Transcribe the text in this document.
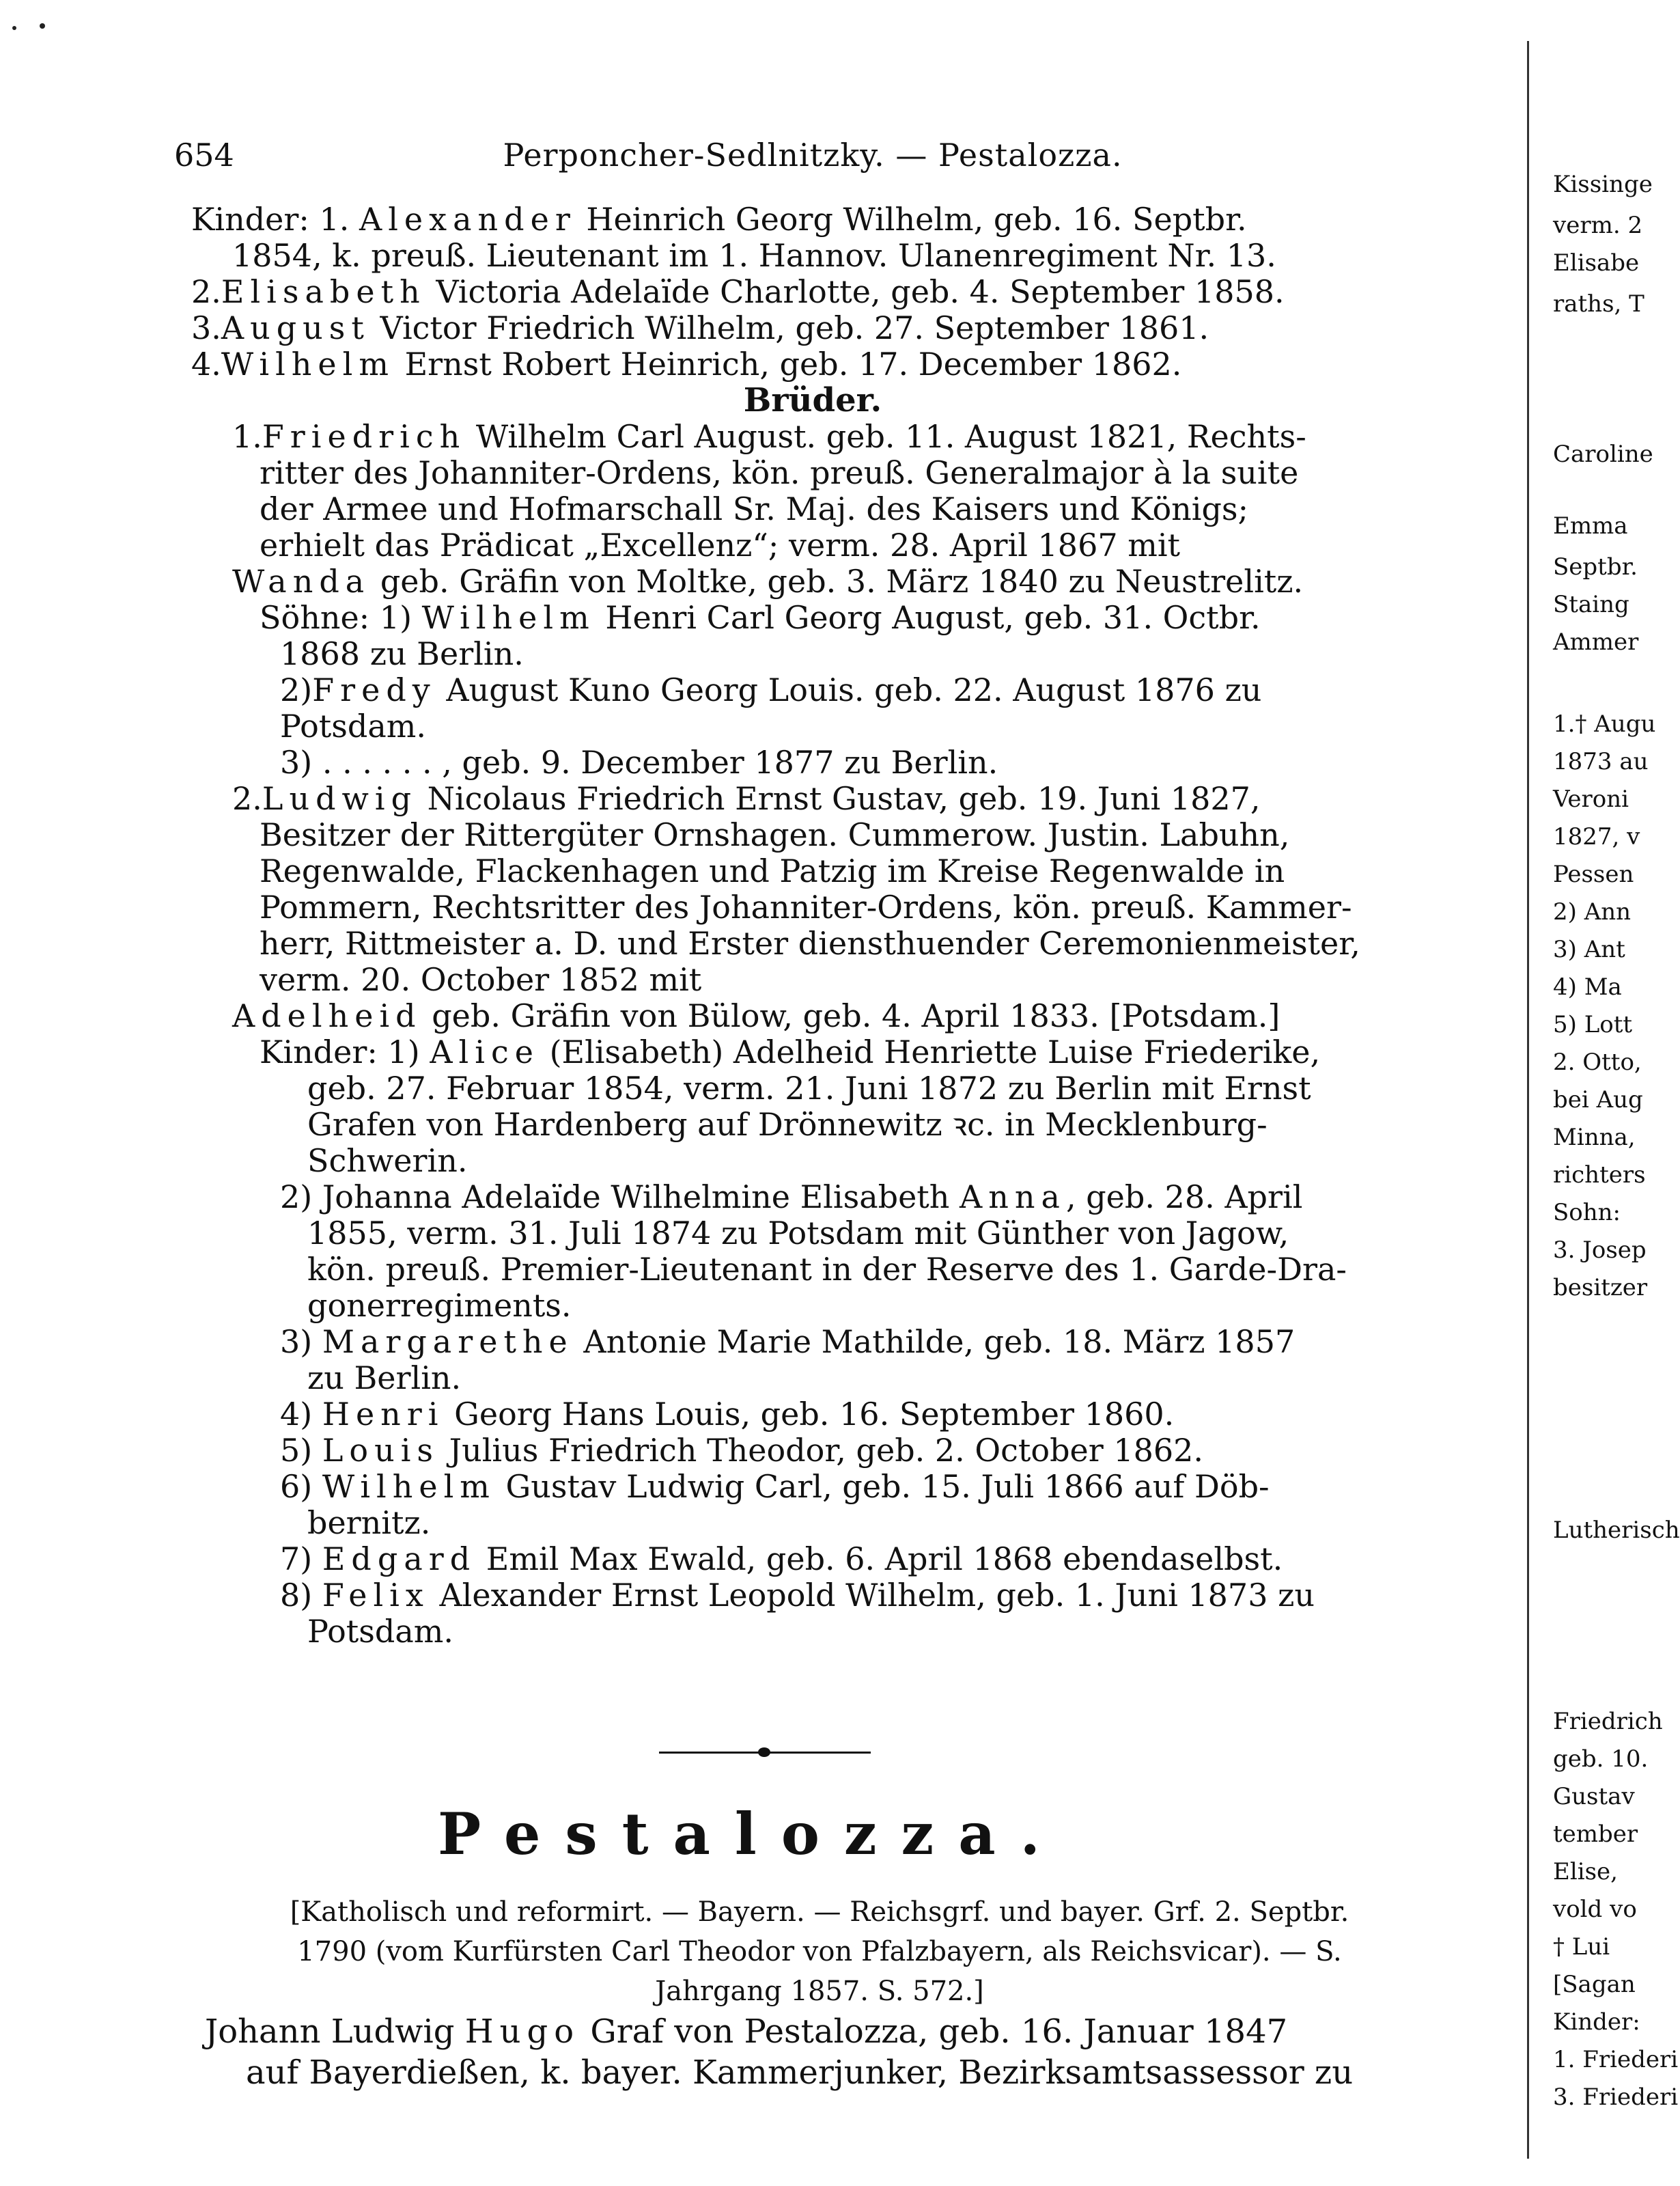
654	Perponcher-Sedlnitzky. — Pestalozza.
Kinder: 1. Alexander Heinrich Georg Wilhelm, geb. 16. Septbr.
1854, k. preuß. Lieutenant im 1. Hannov. Ulanenregiment Nr. 13.
2.Elisabeth Victoria Adelaïde Charlotte, geb. 4. September 1858.
3.August Victor Friedrich Wilhelm, geb. 27. September 1861.
4.Wilhelm Ernst Robert Heinrich, geb. 17. December 1862.
Brüder.
1.Friedrich Wilhelm Carl August. geb. 11. August 1821, Rechts-
ritter des Johanniter-Ordens, kön. preuß. Generalmajor à la suite
der Armee und Hofmarschall Sr. Maj. des Kaisers und Königs;
erhielt das Prädicat „Excellenz“; verm. 28. April 1867 mit
Wanda geb. Gräfin von Moltke, geb. 3. März 1840 zu Neustrelitz.
Söhne: 1) Wilhelm Henri Carl Georg August, geb. 31. Octbr.
1868 zu Berlin.
2)Fredy August Kuno Georg Louis. geb. 22. August 1876 zu
Potsdam.
3) . . . . . . , geb. 9. December 1877 zu Berlin.
2.Ludwig Nicolaus Friedrich Ernst Gustav, geb. 19. Juni 1827,
Besitzer der Rittergüter Ornshagen. Cummerow. Justin. Labuhn,
Regenwalde, Flackenhagen und Patzig im Kreise Regenwalde in
Pommern, Rechtsritter des Johanniter-Ordens, kön. preuß. Kammer-
herr, Rittmeister a. D. und Erster diensthuender Ceremonienmeister,
verm. 20. October 1852 mit
Adelheid geb. Gräfin von Bülow, geb. 4. April 1833. [Potsdam.]
Kinder: 1) Alice (Elisabeth) Adelheid Henriette Luise Friederike,
geb. 27. Februar 1854, verm. 21. Juni 1872 zu Berlin mit Ernst
Grafen von Hardenberg auf Drönnewitz ꝛc. in Mecklenburg-
Schwerin.
2) Johanna Adelaïde Wilhelmine Elisabeth Anna, geb. 28. April
1855, verm. 31. Juli 1874 zu Potsdam mit Günther von Jagow,
kön. preuß. Premier-Lieutenant in der Reserve des 1. Garde-Dra-
gonerregiments.
3) Margarethe Antonie Marie Mathilde, geb. 18. März 1857
zu Berlin.
4) Henri Georg Hans Louis, geb. 16. September 1860.
5) Louis Julius Friedrich Theodor, geb. 2. October 1862.
6) Wilhelm Gustav Ludwig Carl, geb. 15. Juli 1866 auf Döb-
bernitz.
7) Edgard Emil Max Ewald, geb. 6. April 1868 ebendaselbst.
8) Felix Alexander Ernst Leopold Wilhelm, geb. 1. Juni 1873 zu
Potsdam.
Pestalozza.
[Katholisch und reformirt. — Bayern. — Reichsgrf. und bayer. Grf. 2. Septbr.
1790 (vom Kurfürsten Carl Theodor von Pfalzbayern, als Reichsvicar). — S.
Jahrgang 1857. S. 572.]
Johann Ludwig Hugo Graf von Pestalozza, geb. 16. Januar 1847
auf Bayerdießen, k. bayer. Kammerjunker, Bezirksamtsassessor zu
Kissinge
verm. 2
Elisabe
raths, T
Caroline
Emma
Septbr.
Staing
Ammer
1.† Augu
1873 au
Veroni
1827, v
Pessen
2) Ann
3) Ant
4) Ma
5) Lott
2. Otto,
bei Aug
Minna,
richters
Sohn:
3. Josep
besitzer
Lutherisch
Friedrich
geb. 10.
Gustav
tember
Elise,
vold vo
† Lui
[Sagan
Kinder:
1. Friederi
3. Friederi
